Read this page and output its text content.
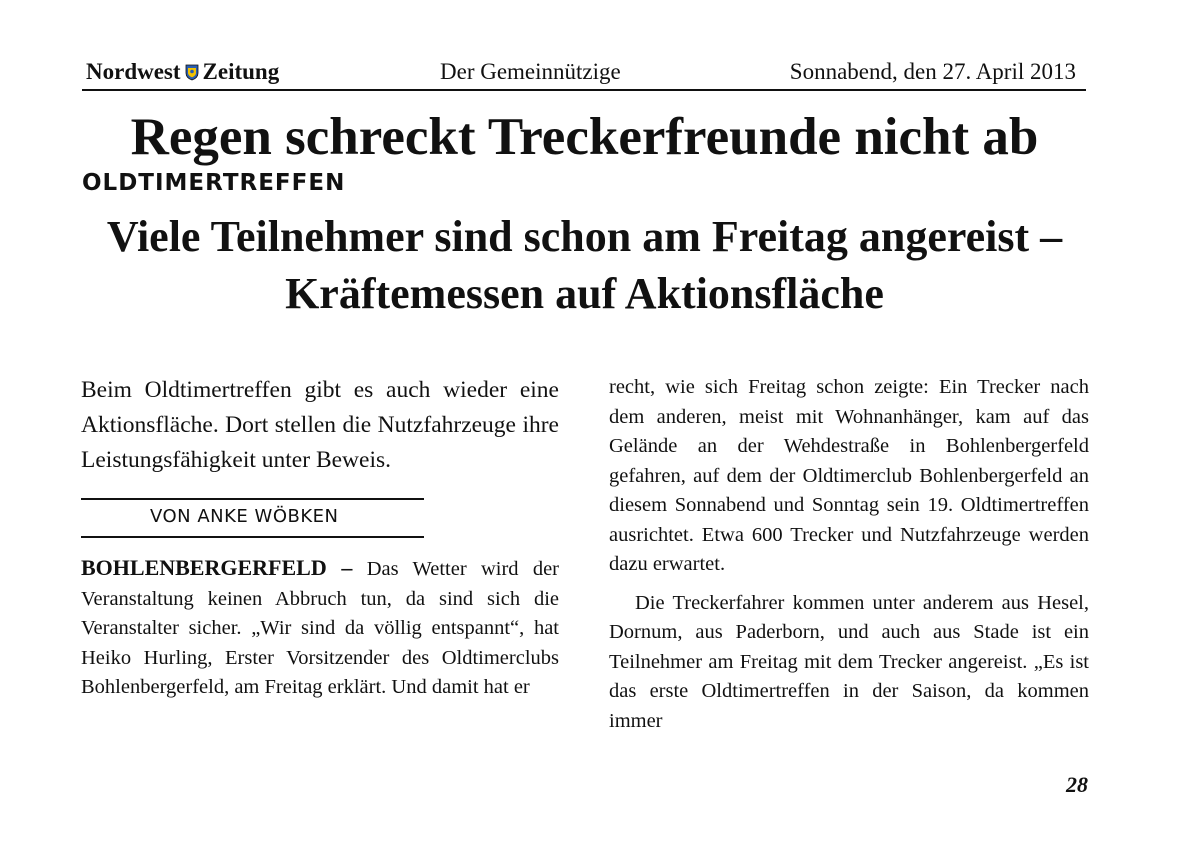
Nordwest Zeitung	Der Gemeinnützige	Sonnabend, den 27. April 2013
Regen schreckt Treckerfreunde nicht ab
OLDTIMERTREFFEN
Viele Teilnehmer sind schon am Freitag angereist – Kräftemessen auf Aktionsfläche

Beim Oldtimertreffen gibt es auch wieder eine Aktionsfläche. Dort stellen die Nutzfahrzeuge ihre Leistungsfähigkeit unter Beweis.

VON ANKE WÖBKEN

BOHLENBERGERFELD – Das Wetter wird der Veranstaltung keinen Abbruch tun, da sind sich die Veranstalter sicher. „Wir sind da völlig entspannt“, hat Heiko Hurling, Erster Vorsitzender des Oldtimerclubs Bohlenbergerfeld, am Freitag erklärt. Und damit hat er

recht, wie sich Freitag schon zeigte: Ein Trecker nach dem anderen, meist mit Wohnanhänger, kam auf das Gelände an der Wehdestraße in Bohlenbergerfeld gefahren, auf dem der Oldtimerclub Bohlenbergerfeld an diesem Sonnabend und Sonntag sein 19. Oldtimertreffen ausrichtet. Etwa 600 Trecker und Nutzfahrzeuge werden dazu erwartet.

Die Treckerfahrer kommen unter anderem aus Hesel, Dornum, aus Paderborn, und auch aus Stade ist ein Teilnehmer am Freitag mit dem Trecker angereist. „Es ist das erste Oldtimertreffen in der Saison, da kommen immer

28
